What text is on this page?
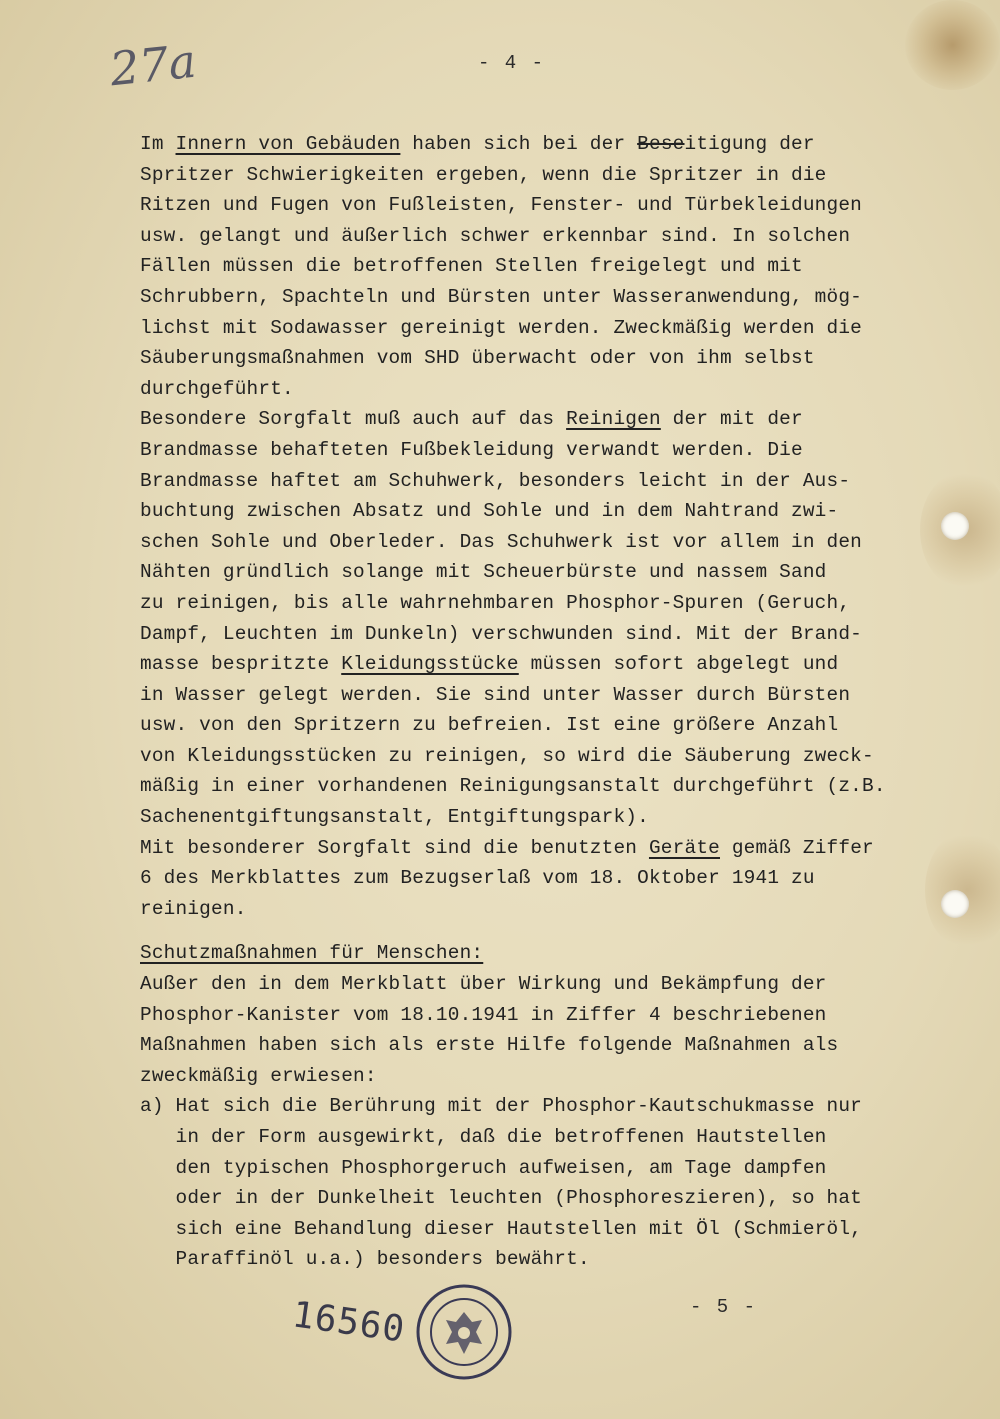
27a	- 4 -
Im Innern von Gebäuden haben sich bei der Beseitigung der
Spritzer Schwierigkeiten ergeben, wenn die Spritzer in die
Ritzen und Fugen von Fußleisten, Fenster- und Türbekleidungen
usw. gelangt und äußerlich schwer erkennbar sind. In solchen
Fällen müssen die betroffenen Stellen freigelegt und mit
Schrubbern, Spachteln und Bürsten unter Wasseranwendung, mög-
lichst mit Sodawasser gereinigt werden. Zweckmäßig werden die
Säuberungsmaßnahmen vom SHD überwacht oder von ihm selbst
durchgeführt.
Besondere Sorgfalt muß auch auf das Reinigen der mit der
Brandmasse behafteten Fußbekleidung verwandt werden. Die
Brandmasse haftet am Schuhwerk, besonders leicht in der Aus-
buchtung zwischen Absatz und Sohle und in dem Nahtrand zwi-
schen Sohle und Oberleder. Das Schuhwerk ist vor allem in den
Nähten gründlich solange mit Scheuerbürste und nassem Sand
zu reinigen, bis alle wahrnehmbaren Phosphor-Spuren (Geruch,
Dampf, Leuchten im Dunkeln) verschwunden sind. Mit der Brand-
masse bespritzte Kleidungsstücke müssen sofort abgelegt und
in Wasser gelegt werden. Sie sind unter Wasser durch Bürsten
usw. von den Spritzern zu befreien. Ist eine größere Anzahl
von Kleidungsstücken zu reinigen, so wird die Säuberung zweck-
mäßig in einer vorhandenen Reinigungsanstalt durchgeführt (z.B.
Sachenentgiftungsanstalt, Entgiftungspark).
Mit besonderer Sorgfalt sind die benutzten Geräte gemäß Ziffer
6 des Merkblattes zum Bezugserlaß vom 18. Oktober 1941 zu
reinigen.
Schutzmaßnahmen für Menschen:
Außer den in dem Merkblatt über Wirkung und Bekämpfung der
Phosphor-Kanister vom 18.10.1941 in Ziffer 4 beschriebenen
Maßnahmen haben sich als erste Hilfe folgende Maßnahmen als
zweckmäßig erwiesen:
a) Hat sich die Berührung mit der Phosphor-Kautschukmasse nur
in der Form ausgewirkt, daß die betroffenen Hautstellen
den typischen Phosphorgeruch aufweisen, am Tage dampfen
oder in der Dunkelheit leuchten (Phosphoreszieren), so hat
sich eine Behandlung dieser Hautstellen mit Öl (Schmieröl,
Paraffinöl u.a.) besonders bewährt.
16560	- 5 -
